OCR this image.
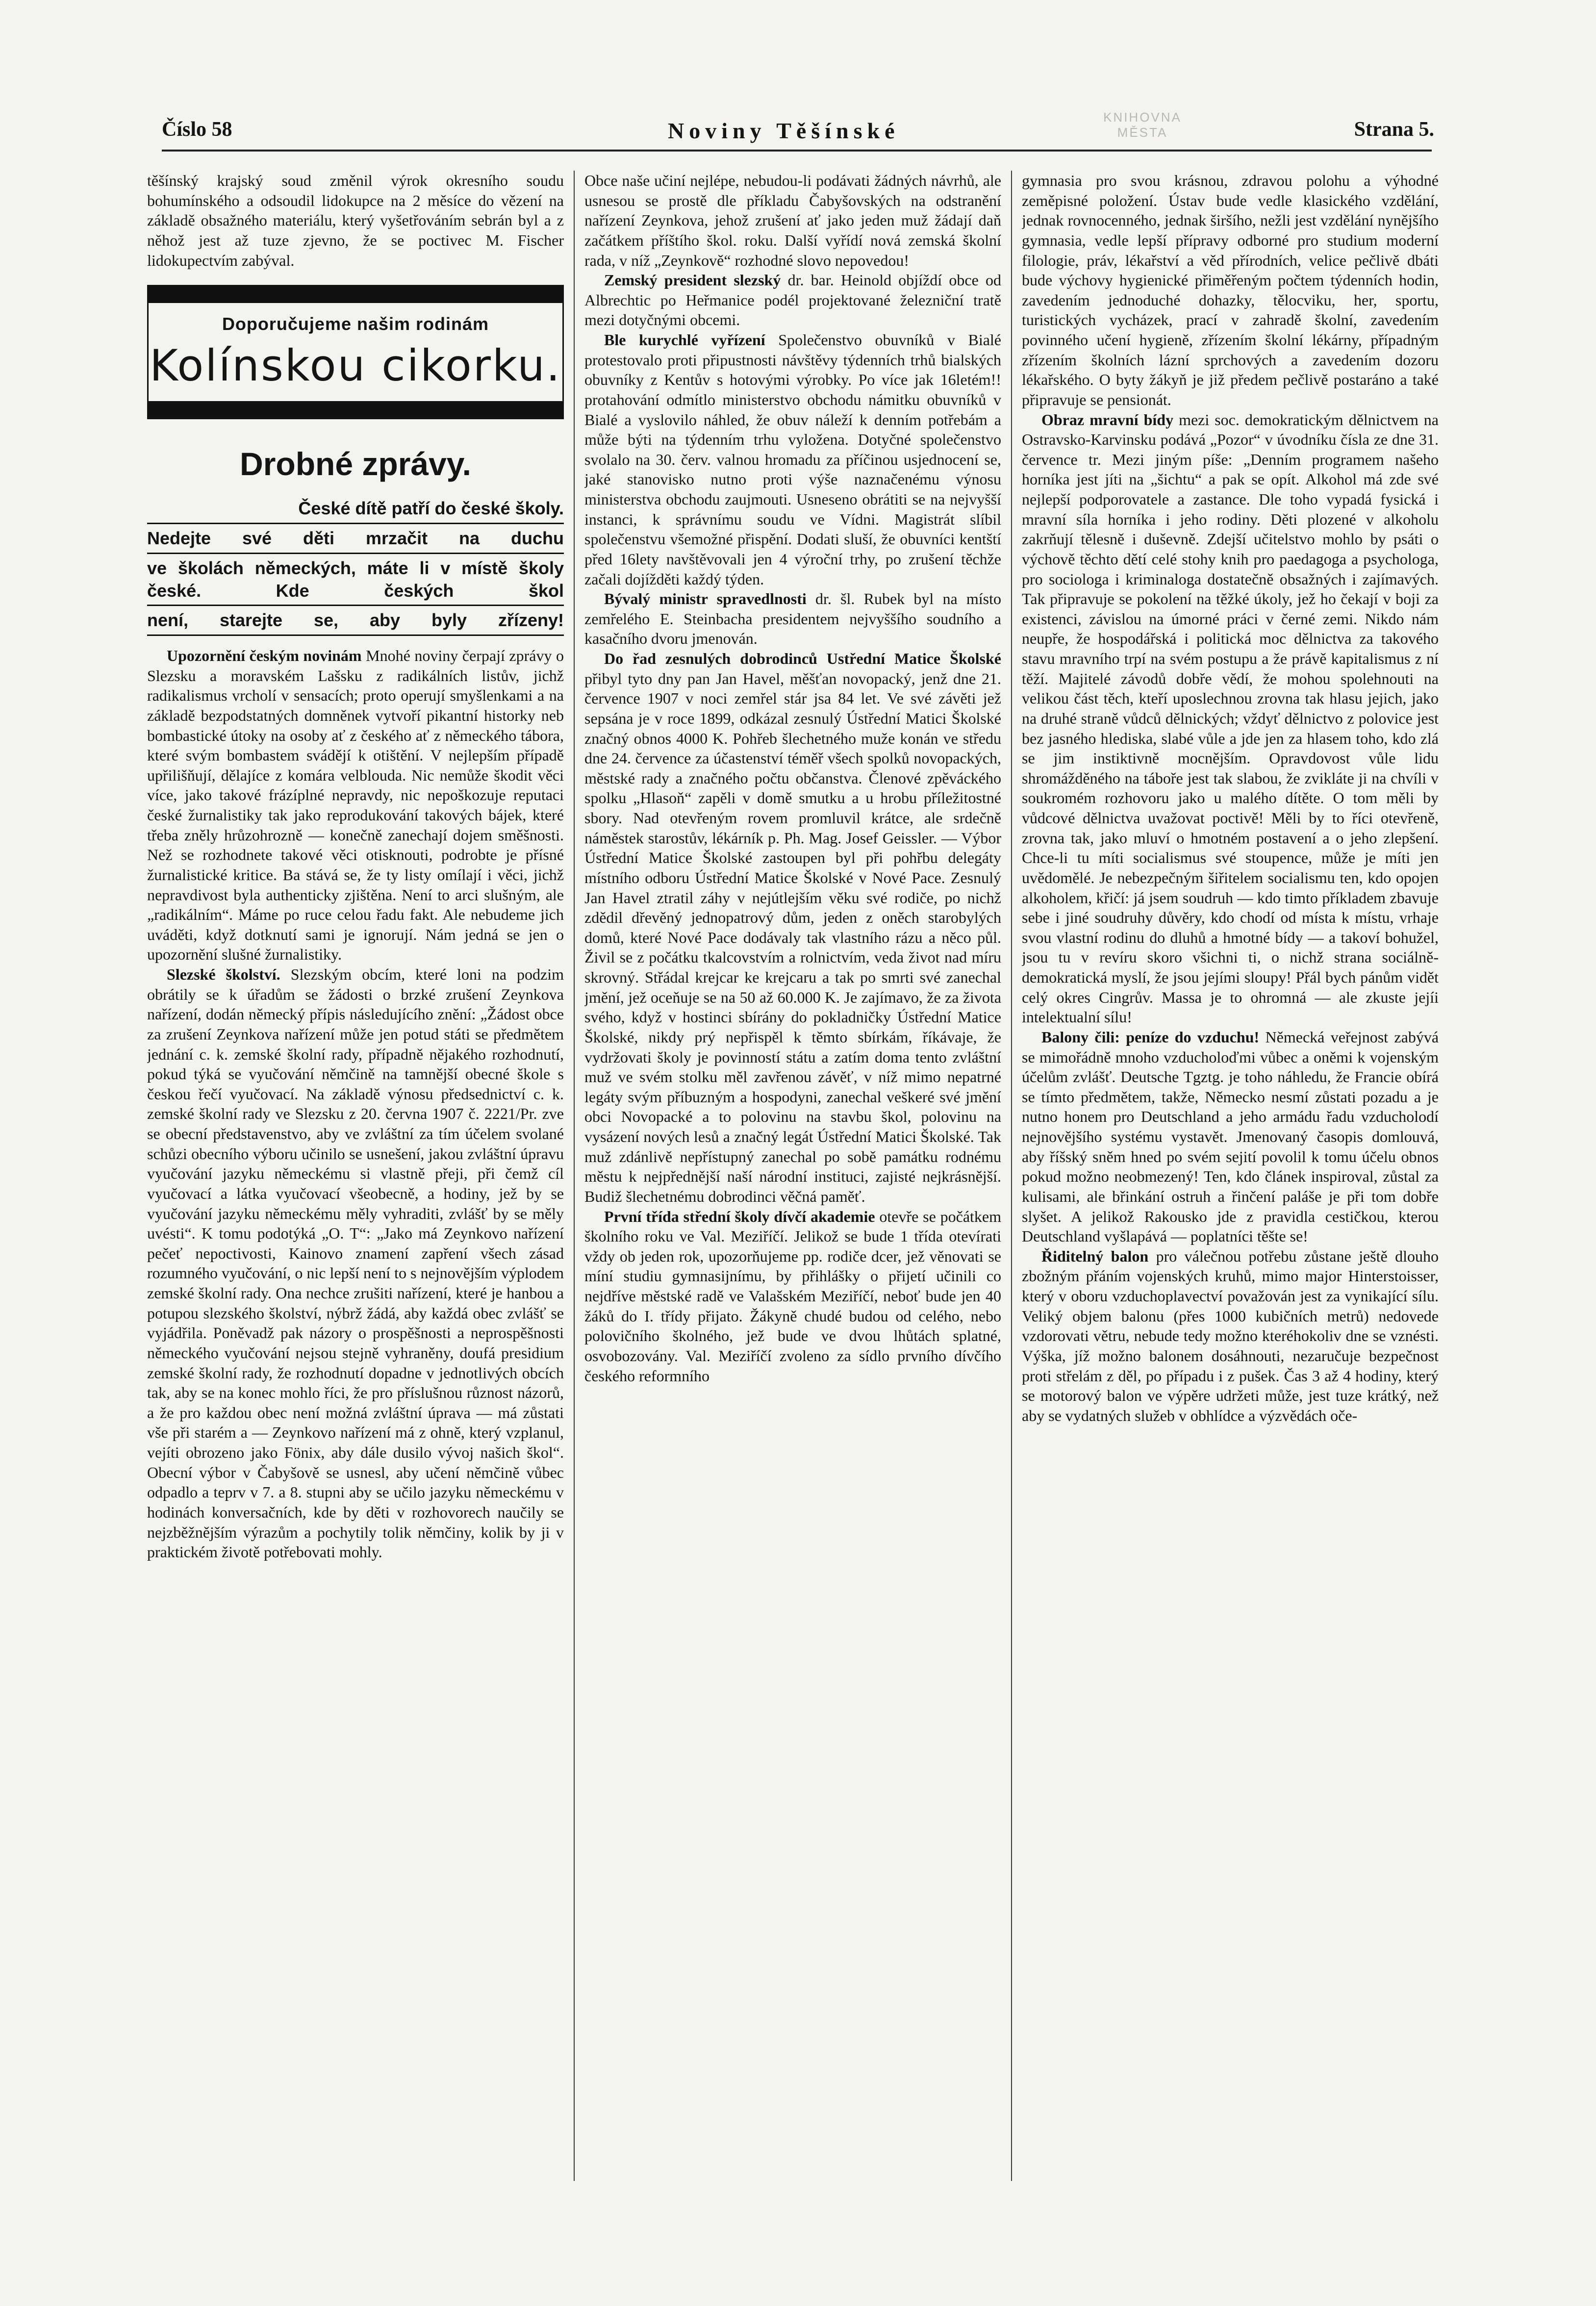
Číslo 58	Noviny Těšínské
KNIHOVNA
MĚSTA	Strana 5.

těšínský krajský soud změnil výrok okresního soudu bohumínského a odsoudil lidokupce na 2 měsíce do vězení na základě obsažného materiálu, který vyšetřováním sebrán byl a z něhož jest až tuze zjevno, že se poctivec M. Fischer lidokupectvím zabýval.

Doporučujeme našim rodinám
Kolínskou cikorku.
Drobné zprávy.
České dítě patří do české školy.
Nedejte své děti mrzačit na duchu
ve školách německých, máte li v místě školy české. Kde českých škol
není, starejte se, aby byly zřízeny!

Upozornění českým novinám Mnohé noviny čerpají zprávy o Slezsku a moravském Lašsku z radikálních listův, jichž radikalismus vrcholí v sensacích; proto operují smyšlenkami a na základě bezpodstatných domněnek vytvoří pikantní historky neb bombastické útoky na osoby ať z českého ať z německého tábora, které svým bombastem svádějí k otištění. V nejlepším případě upřilišňují, dělajíce z komára velblouda. Nic nemůže škodit věci více, jako takové frázíplné nepravdy, nic nepoškozuje reputaci české žurnalistiky tak jako reprodukování takových bájek, které třeba zněly hrůzohrozně — konečně zanechají dojem směšnosti. Než se rozhodnete takové věci otisknouti, podrobte je přísné žurnalistické kritice. Ba stává se, že ty listy omílají i věci, jichž nepravdivost byla authenticky zjištěna. Není to arci slušným, ale „radikálním“. Máme po ruce celou řadu fakt. Ale nebudeme jich uváděti, když dotknutí sami je ignorují. Nám jedná se jen o upozornění slušné žurnalistiky.

Slezské školství. Slezským obcím, které loni na podzim obrátily se k úřadům se žádosti o brzké zrušení Zeynkova nařízení, dodán německý přípis následujícího znění: „Žádost obce za zrušení Zeynkova nařízení může jen potud státi se předmětem jednání c. k. zemské školní rady, případně nějakého rozhodnutí, pokud týká se vyučování němčině na tamnější obecné škole s českou řečí vyučovací. Na základě výnosu předsednictví c. k. zemské školní rady ve Slezsku z 20. června 1907 č. 2221/Pr. zve se obecní představenstvo, aby ve zvláštní za tím účelem svolané schůzi obecního výboru učinilo se usnešení, jakou zvláštní úpravu vyučování jazyku německému si vlastně přeji, při čemž cíl vyučovací a látka vyučovací všeobecně, a hodiny, jež by se vyučování jazyku německému měly vyhraditi, zvlášť by se měly uvésti“. K tomu podotýká „O. T“: „Jako má Zeynkovo nařízení pečeť nepoctivosti, Kainovo znamení zapření všech zásad rozumného vyučování, o nic lepší není to s nejnovějším výplodem zemské školní rady. Ona nechce zrušiti nařízení, které je hanbou a potupou slezského školství, nýbrž žádá, aby každá obec zvlášť se vyjádřila. Poněvadž pak názory o prospěšnosti a neprospěšnosti německého vyučování nejsou stejně vyhraněny, doufá presidium zemské školní rady, že rozhodnutí dopadne v jednotlivých obcích tak, aby se na konec mohlo říci, že pro příslušnou různost názorů, a že pro každou obec není možná zvláštní úprava — má zůstati vše při starém a — Zeynkovo nařízení má z ohně, který vzplanul, vejíti obrozeno jako Fönix, aby dále dusilo vývoj našich škol“. Obecní výbor v Čabyšově se usnesl, aby učení němčině vůbec odpadlo a teprv v 7. a 8. stupni aby se učilo jazyku německému v hodinách konversačních, kde by děti v rozhovorech naučily se nejzběžnějším výrazům a pochytily tolik němčiny, kolik by ji v praktickém životě potřebovati mohly.

Obce naše učiní nejlépe, nebudou-li podávati žádných návrhů, ale usnesou se prostě dle příkladu Čabyšovských na odstranění nařízení Zeynkova, jehož zrušení ať jako jeden muž žádají daň začátkem příštího škol. roku. Další vyřídí nová zemská školní rada, v níž „Zeynkově“ rozhodné slovo nepovedou!

Zemský president slezský dr. bar. Heinold objíždí obce od Albrechtic po Heřmanice podél projektované železniční tratě mezi dotyčnými obcemi.

Ble kurychlé vyřízení Společenstvo obuvníků v Bialé protestovalo proti připustnosti návštěvy týdenních trhů bialských obuvníky z Kentův s hotovými výrobky. Po více jak 16letém!! protahování odmítlo ministerstvo obchodu námitku obuvníků v Bialé a vyslovilo náhled, že obuv náleží k denním potřebám a může býti na týdenním trhu vyložena. Dotyčné společenstvo svolalo na 30. červ. valnou hromadu za příčinou usjednocení se, jaké stanovisko nutno proti výše naznačenému výnosu ministerstva obchodu zaujmouti. Usneseno obrátiti se na nejvyšší instanci, k správnímu soudu ve Vídni. Magistrát slíbil společenstvu všemožné přispění. Dodati sluší, že obuvníci kentští před 16lety navštěvovali jen 4 výroční trhy, po zrušení těchže začali dojížděti každý týden.

Bývalý ministr spravedlnosti dr. šl. Rubek byl na místo zemřelého E. Steinbacha presidentem nejvyššího soudního a kasačního dvoru jmenován.

Do řad zesnulých dobrodinců Ustřední Matice Školské přibyl tyto dny pan Jan Havel, měšťan novopacký, jenž dne 21. července 1907 v noci zemřel stár jsa 84 let. Ve své závěti jež sepsána je v roce 1899, odkázal zesnulý Ústřední Matici Školské značný obnos 4000 K. Pohřeb šlechetného muže konán ve středu dne 24. července za účastenství téměř všech spolků novopackých, městské rady a značného počtu občanstva. Členové zpěváckého spolku „Hlasoň“ zapěli v domě smutku a u hrobu příležitostné sbory. Nad otevřeným rovem promluvil krátce, ale srdečně náměstek starostův, lékárník p. Ph. Mag. Josef Geissler. — Výbor Ústřední Matice Školské zastoupen byl při pohřbu delegáty místního odboru Ústřední Matice Školské v Nové Pace. Zesnulý Jan Havel ztratil záhy v nejútlejším věku své rodiče, po nichž zdědil dřevěný jednopatrový dům, jeden z oněch starobylých domů, které Nové Pace dodávaly tak vlastního rázu a něco půl. Živil se z počátku tkalcovstvím a rolnictvím, veda život nad míru skrovný. Střádal krejcar ke krejcaru a tak po smrti své zanechal jmění, jež oceňuje se na 50 až 60.000 K. Je zajímavo, že za života svého, když v hostinci sbírány do pokladničky Ústřední Matice Školské, nikdy prý nepřispěl k těmto sbírkám, říkávaje, že vydržovati školy je povinností státu a zatím doma tento zvláštní muž ve svém stolku měl zavřenou závěť, v níž mimo nepatrné legáty svým příbuzným a hospodyni, zanechal veškeré své jmění obci Novopacké a to polovinu na stavbu škol, polovinu na vysázení nových lesů a značný legát Ústřední Matici Školské. Tak muž zdánlivě nepřístupný zanechal po sobě památku rodnému městu k nejpřednější naší národní instituci, zajisté nejkrásnější. Budiž šlechetnému dobrodinci věčná paměť.

První třída střední školy dívčí akademie otevře se počátkem školního roku ve Val. Meziříčí. Jelikož se bude 1 třída otevírati vždy ob jeden rok, upozorňujeme pp. rodiče dcer, jež věnovati se míní studiu gymnasijnímu, by přihlášky o přijetí učinili co nejdříve městské radě ve Valašském Meziříčí, neboť bude jen 40 žáků do I. třídy přijato. Žákyně chudé budou od celého, nebo polovičního školného, jež bude ve dvou lhůtách splatné, osvobozovány. Val. Meziříčí zvoleno za sídlo prvního dívčího českého reformního

gymnasia pro svou krásnou, zdravou polohu a výhodné zeměpisné položení. Ústav bude vedle klasického vzdělání, jednak rovnocenného, jednak širšího, nežli jest vzdělání nynějšího gymnasia, vedle lepší přípravy odborné pro studium moderní filologie, práv, lékařství a věd přírodních, velice pečlivě dbáti bude výchovy hygienické přiměřeným počtem týdenních hodin, zavedením jednoduché dohazky, tělocviku, her, sportu, turistických vycházek, prací v zahradě školní, zavedením povinného učení hygieně, zřízením školní lékárny, případným zřízením školních lázní sprchových a zavedením dozoru lékařského. O byty žákyň je již předem pečlivě postaráno a také připravuje se pensionát.

Obraz mravní bídy mezi soc. demokratickým dělnictvem na Ostravsko-Karvinsku podává „Pozor“ v úvodníku čísla ze dne 31. července tr. Mezi jiným píše: „Denním programem našeho horníka jest jíti na „šichtu“ a pak se opít. Alkohol má zde své nejlepší podporovatele a zastance. Dle toho vypadá fysická i mravní síla horníka i jeho rodiny. Děti plozené v alkoholu zakrňují tělesně i duševně. Zdejší učitelstvo mohlo by psáti o výchově těchto dětí celé stohy knih pro paedagoga a psychologa, pro sociologa i kriminaloga dostatečně obsažných i zajímavých. Tak připravuje se pokolení na těžké úkoly, jež ho čekají v boji za existenci, závislou na úmorné práci v černé zemi. Nikdo nám neupře, že hospodářská i politická moc dělnictva za takového stavu mravního trpí na svém postupu a že právě kapitalismus z ní těží. Majitelé závodů dobře vědí, že mohou spolehnouti na velikou část těch, kteří uposlechnou zrovna tak hlasu jejich, jako na druhé straně vůdců dělnických; vždyť dělnictvo z polovice jest bez jasného hlediska, slabé vůle a jde jen za hlasem toho, kdo zlá se jim instiktivně mocnějším. Opravdovost vůle lidu shromážděného na táboře jest tak slabou, že zvikláte ji na chvíli v soukromém rozhovoru jako u malého dítěte. O tom měli by vůdcové dělnictva uvažovat poctivě! Měli by to říci otevřeně, zrovna tak, jako mluví o hmotném postavení a o jeho zlepšení. Chce-li tu míti socialismus své stoupence, může je míti jen uvědomělé. Je nebezpečným šiřitelem socialismu ten, kdo opojen alkoholem, křičí: já jsem soudruh — kdo timto příkladem zbavuje sebe i jiné soudruhy důvěry, kdo chodí od místa k místu, vrhaje svou vlastní rodinu do dluhů a hmotné bídy — a takoví bohužel, jsou tu v revíru skoro všichni ti, o nichž strana sociálně-demokratická myslí, že jsou jejími sloupy! Přál bych pánům vidět celý okres Cingrův. Massa je to ohromná — ale zkuste jejíi intelektualní sílu!

Balony čili: peníze do vzduchu! Německá veřejnost zabývá se mimořádně mnoho vzducholoďmi vůbec a oněmi k vojenským účelům zvlášť. Deutsche Tgztg. je toho náhledu, že Francie obírá se tímto předmětem, takže, Německo nesmí zůstati pozadu a je nutno honem pro Deutschland a jeho armádu řadu vzducholodí nejnovějšího systému vystavět. Jmenovaný časopis domlouvá, aby říšský sněm hned po svém sejití povolil k tomu účelu obnos pokud možno neobmezený! Ten, kdo článek inspiroval, zůstal za kulisami, ale břinkání ostruh a řinčení paláše je při tom dobře slyšet. A jelikož Rakousko jde z pravidla cestičkou, kterou Deutschland vyšlapává — poplatníci těšte se!

Řiditelný balon pro válečnou potřebu zůstane ještě dlouho zbožným přáním vojenských kruhů, mimo major Hinterstoisser, který v oboru vzduchoplavectví považován jest za vynikající sílu. Veliký objem balonu (přes 1000 kubičních metrů) nedovede vzdorovati větru, nebude tedy možno kteréhokoliv dne se vznésti. Výška, jíž možno balonem dosáhnouti, nezaručuje bezpečnost proti střelám z děl, po případu i z pušek. Čas 3 až 4 hodiny, který se motorový balon ve výpěre udržeti může, jest tuze krátký, než aby se vydatných služeb v obhlídce a výzvědách oče-
